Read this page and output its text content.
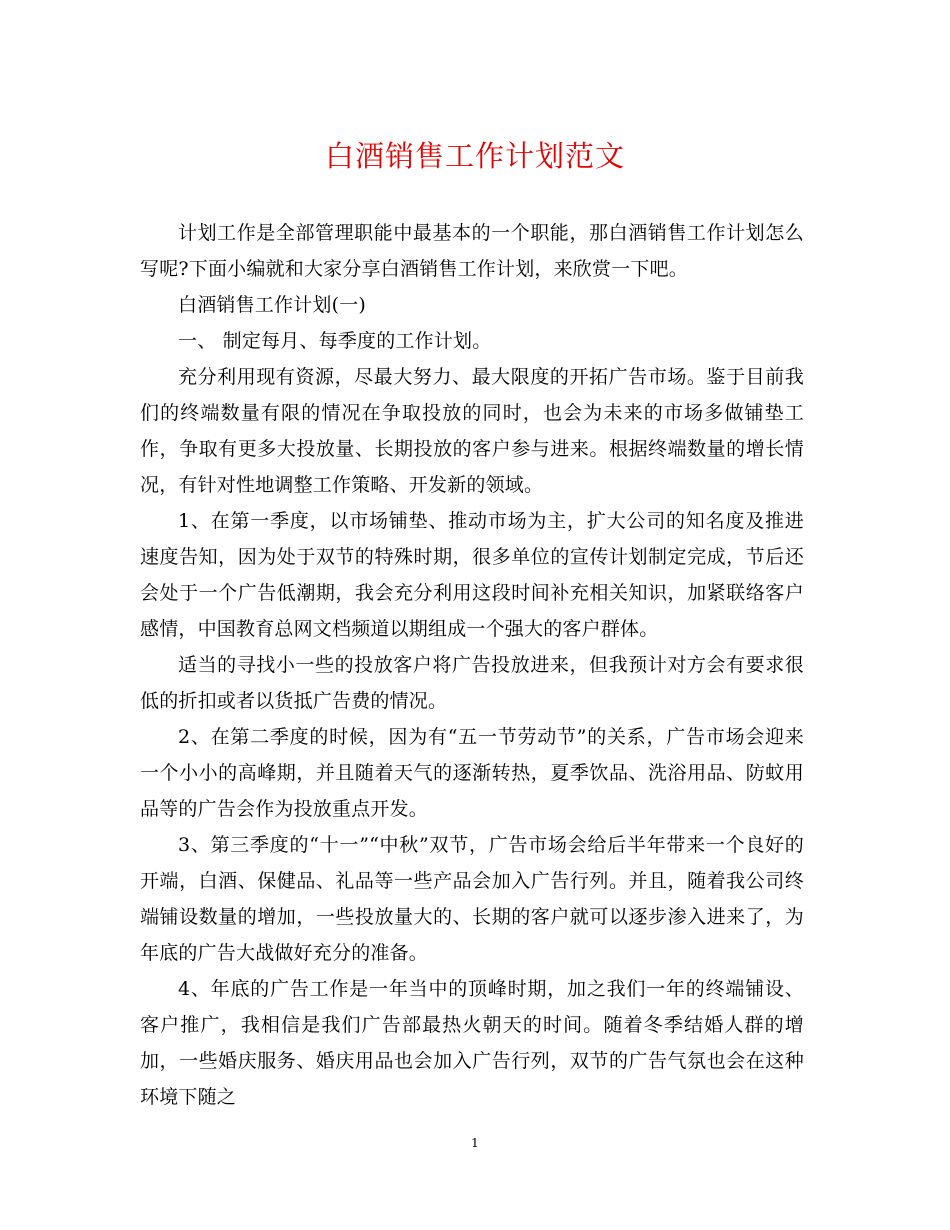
白酒销售工作计划范文

计划工作是全部管理职能中最基本的一个职能，那白酒销售工作计划怎么写呢?下面小编就和大家分享白酒销售工作计划，来欣赏一下吧。

白酒销售工作计划(一)

一、 制定每月、每季度的工作计划。

充分利用现有资源，尽最大努力、最大限度的开拓广告市场。鉴于目前我们的终端数量有限的情况在争取投放的同时，也会为未来的市场多做铺垫工作，争取有更多大投放量、长期投放的客户参与进来。根据终端数量的增长情况，有针对性地调整工作策略、开发新的领域。

1、在第一季度，以市场铺垫、推动市场为主，扩大公司的知名度及推进速度告知，因为处于双节的特殊时期，很多单位的宣传计划制定完成，节后还会处于一个广告低潮期，我会充分利用这段时间补充相关知识，加紧联络客户感情，中国教育总网文档频道以期组成一个强大的客户群体。

适当的寻找小一些的投放客户将广告投放进来，但我预计对方会有要求很低的折扣或者以货抵广告费的情况。

2、在第二季度的时候，因为有“五一节劳动节”的关系，广告市场会迎来一个小小的高峰期，并且随着天气的逐渐转热，夏季饮品、洗浴用品、防蚊用品等的广告会作为投放重点开发。

3、第三季度的“十一”“中秋”双节，广告市场会给后半年带来一个良好的开端，白酒、保健品、礼品等一些产品会加入广告行列。并且，随着我公司终端铺设数量的增加，一些投放量大的、长期的客户就可以逐步渗入进来了，为年底的广告大战做好充分的准备。

4、年底的广告工作是一年当中的顶峰时期，加之我们一年的终端铺设、客户推广，我相信是我们广告部最热火朝天的时间。随着冬季结婚人群的增加，一些婚庆服务、婚庆用品也会加入广告行列，双节的广告气氛也会在这种环境下随之

1
